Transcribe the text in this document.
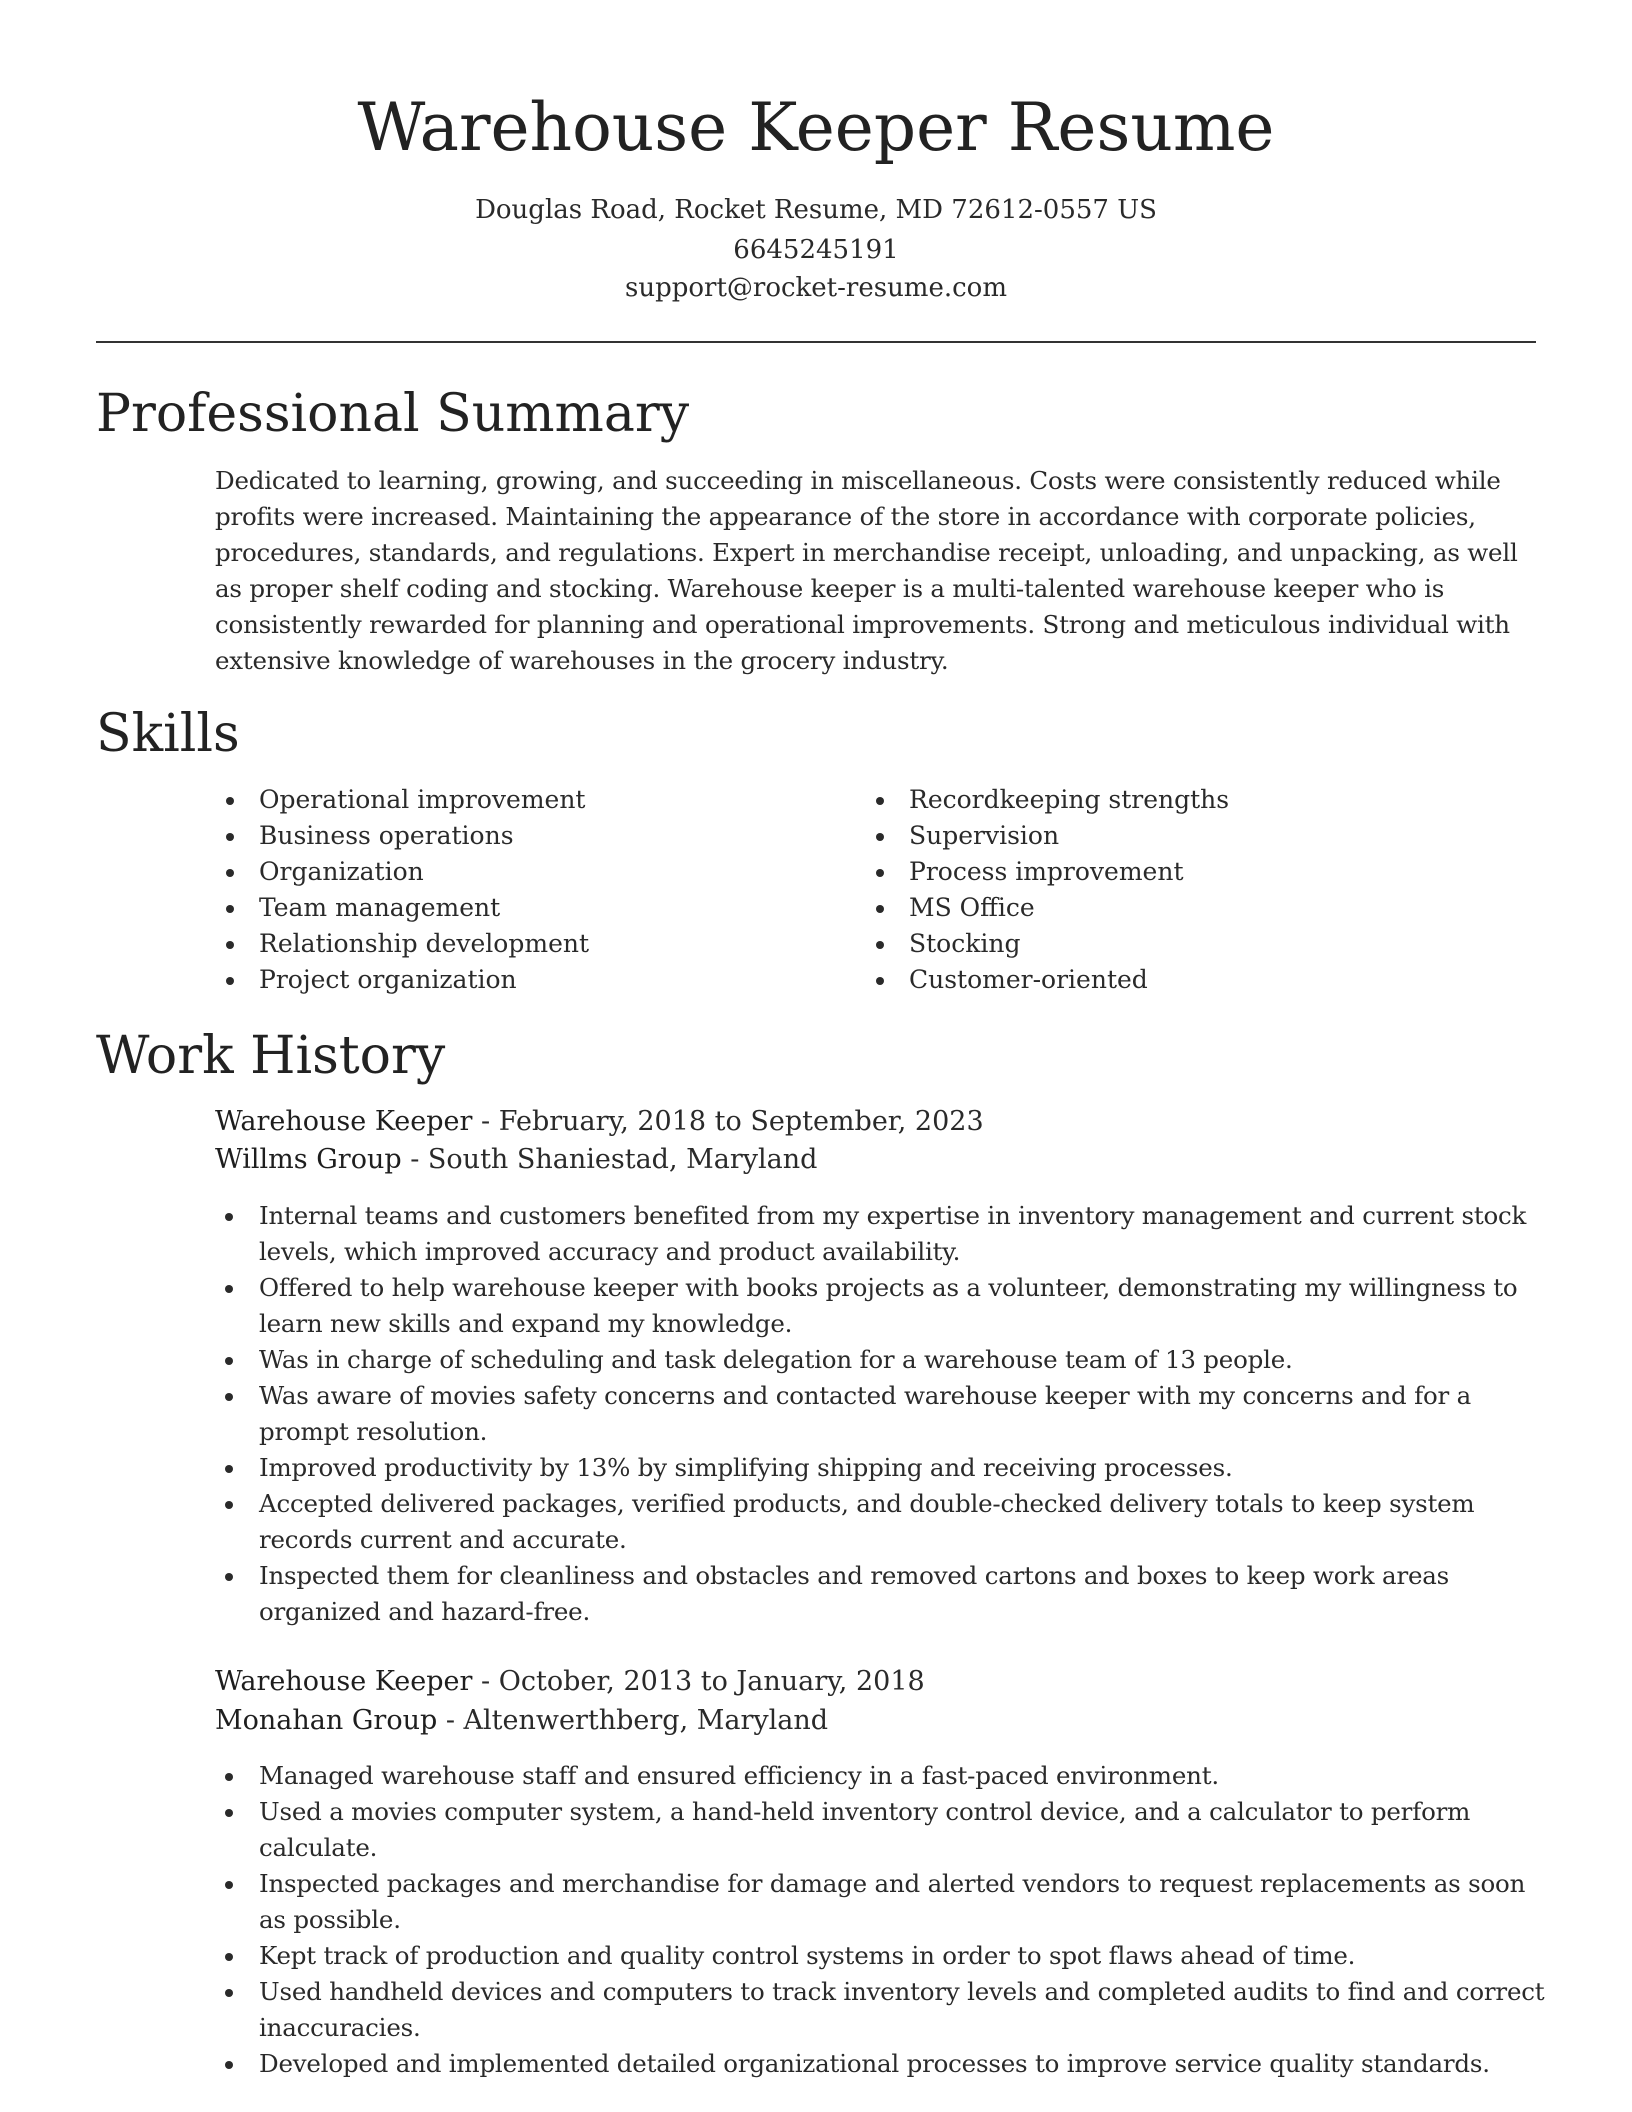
Warehouse Keeper Resume
Douglas Road, Rocket Resume, MD 72612-0557 US
6645245191
support@rocket-resume.com
Professional Summary

Dedicated to learning, growing, and succeeding in miscellaneous. Costs were consistently reduced while profits were increased. Maintaining the appearance of the store in accordance with corporate policies, procedures, standards, and regulations. Expert in merchandise receipt, unloading, and unpacking, as well as proper shelf coding and stocking. Warehouse keeper is a multi-talented warehouse keeper who is consistently rewarded for planning and operational improvements. Strong and meticulous individual with extensive knowledge of warehouses in the grocery industry.

Skills
Operational improvement
Business operations
Organization
Team management
Relationship development
Project organization
Recordkeeping strengths
Supervision
Process improvement
MS Office
Stocking
Customer-oriented
Work History

Warehouse Keeper - February, 2018 to September, 2023

Willms Group - South Shaniestad, Maryland

Internal teams and customers benefited from my expertise in inventory management and current stock levels, which improved accuracy and product availability.
Offered to help warehouse keeper with books projects as a volunteer, demonstrating my willingness to learn new skills and expand my knowledge.
Was in charge of scheduling and task delegation for a warehouse team of 13 people.
Was aware of movies safety concerns and contacted warehouse keeper with my concerns and for a prompt resolution.
Improved productivity by 13% by simplifying shipping and receiving processes.
Accepted delivered packages, verified products, and double-checked delivery totals to keep system records current and accurate.
Inspected them for cleanliness and obstacles and removed cartons and boxes to keep work areas organized and hazard-free.

Warehouse Keeper - October, 2013 to January, 2018

Monahan Group - Altenwerthberg, Maryland

Managed warehouse staff and ensured efficiency in a fast-paced environment.
Used a movies computer system, a hand-held inventory control device, and a calculator to perform calculate.
Inspected packages and merchandise for damage and alerted vendors to request replacements as soon as possible.
Kept track of production and quality control systems in order to spot flaws ahead of time.
Used handheld devices and computers to track inventory levels and completed audits to find and correct inaccuracies.
Developed and implemented detailed organizational processes to improve service quality standards.
